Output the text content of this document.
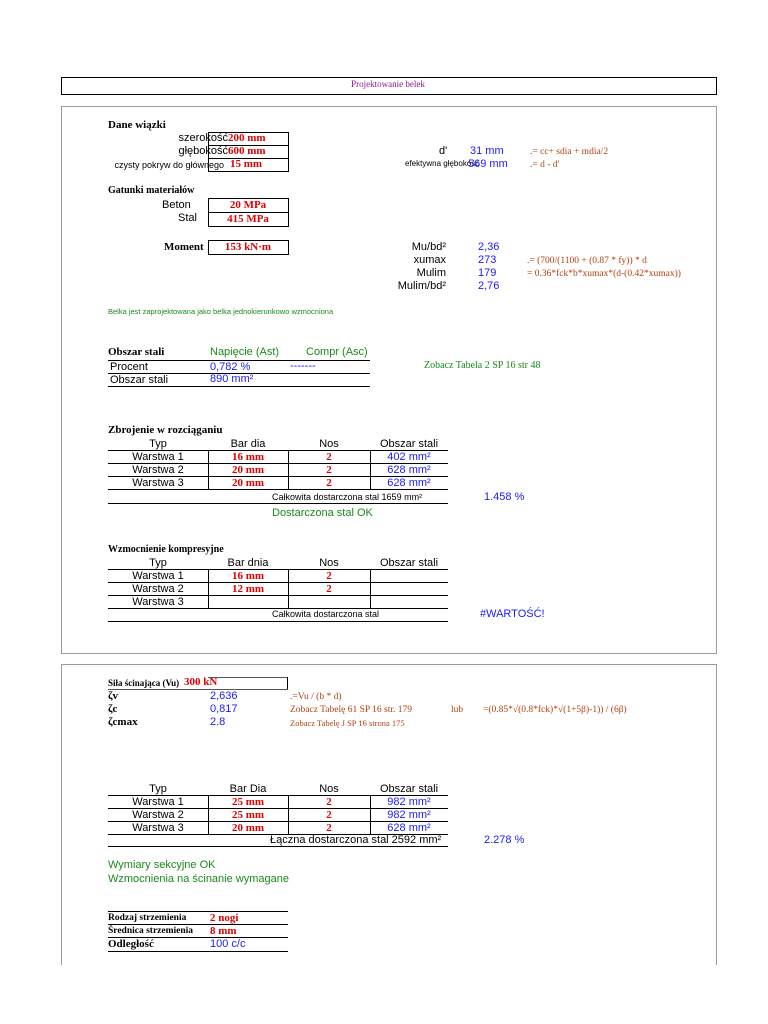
Projektowanie belek
Dane wiązki
szerokość 200 mm
głębokość 600 mm
czysty pokryw do głównego 15 mm
d' 31 mm	.= cc+ sdia + mdia/2
efektywna głębokość
569 mm .= d - d'
Gatunki materiałów
Beton	20 MPa
Stal	415 MPa
Moment	153 kN·m	Mu/bd²	2,36
xumax	273	.= (700/(1100 + (0.87 * fy)) * d
Mulim	179	= 0.36*fck*b*xumax*(d-(0.42*xumax))
Mulim/bd²	2,76
Belka jest zaprojektowana jako belka jednokierunkowo wzmocniona
Obszar stali	Napięcie (Ast) Compr (Asc)
Procent	0,782 %	-------
Obszar stali	890 mm²
Zobacz Tabela 2 SP 16 str 48
Zbrojenie w rozciąganiu
Typ	Bar dia	Nos	Obszar stali
Warstwa 1	16 mm	2	402 mm²
Warstwa 2	20 mm	2	628 mm²
Warstwa 3	20 mm	2	628 mm²
Całkowita dostarczona stal 1659 mm²	1.458 %
Dostarczona stal OK
Wzmocnienie kompresyjne
Typ	Bar dnia	Nos	Obszar stali
Warstwa 1	16 mm	2
Warstwa 2	12 mm	2
Warstwa 3
Całkowita dostarczona stal	#WARTOŚĆ!
Siła ścinająca (Vu) 300 kN
ζv	2,636	.=Vu / (b * d)
ζc	0,817	Zobacz Tabelę 61 SP 16 str. 179	lub =(0.85*√(0.8*fck)*√(1+5β)-1)) / (6β)
ζcmax	2.8	Zobacz Tabelę J SP 16 strona 175
Typ	Bar Dia	Nos	Obszar stali
Warstwa 1	25 mm	2	982 mm²
Warstwa 2	25 mm	2	982 mm²
Warstwa 3	20 mm	2	628 mm²
Łączna dostarczona stal 2592 mm²	2.278 %
Wymiary sekcyjne OK
Wzmocnienia na ścinanie wymagane
Rodzaj strzemienia 2 nogi
Średnica strzemienia 8 mm
Odległość	100 c/c
